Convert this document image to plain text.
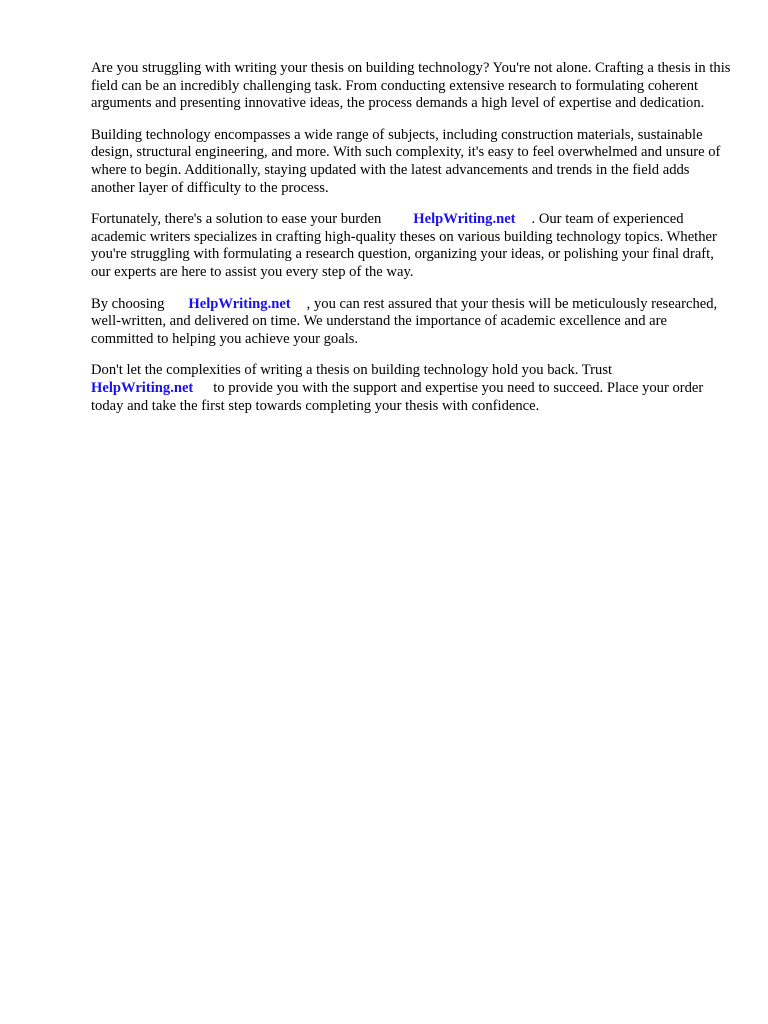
Are you struggling with writing your thesis on building technology? You're not alone. Crafting a thesis in this field can be an incredibly challenging task. From conducting extensive research to formulating coherent arguments and presenting innovative ideas, the process demands a high level of expertise and dedication.

Building technology encompasses a wide range of subjects, including construction materials, sustainable design, structural engineering, and more. With such complexity, it's easy to feel overwhelmed and unsure of where to begin. Additionally, staying updated with the latest advancements and trends in the field adds another layer of difficulty to the process.

Fortunately, there's a solution to ease your burden HelpWriting.net . Our team of experienced academic writers specializes in crafting high-quality theses on various building technology topics. Whether you're struggling with formulating a research question, organizing your ideas, or polishing your final draft, our experts are here to assist you every step of the way.

By choosing HelpWriting.net , you can rest assured that your thesis will be meticulously researched, well-written, and delivered on time. We understand the importance of academic excellence and are committed to helping you achieve your goals.

Don't let the complexities of writing a thesis on building technology hold you back. Trust HelpWriting.net to provide you with the support and expertise you need to succeed. Place your order today and take the first step towards completing your thesis with confidence.
